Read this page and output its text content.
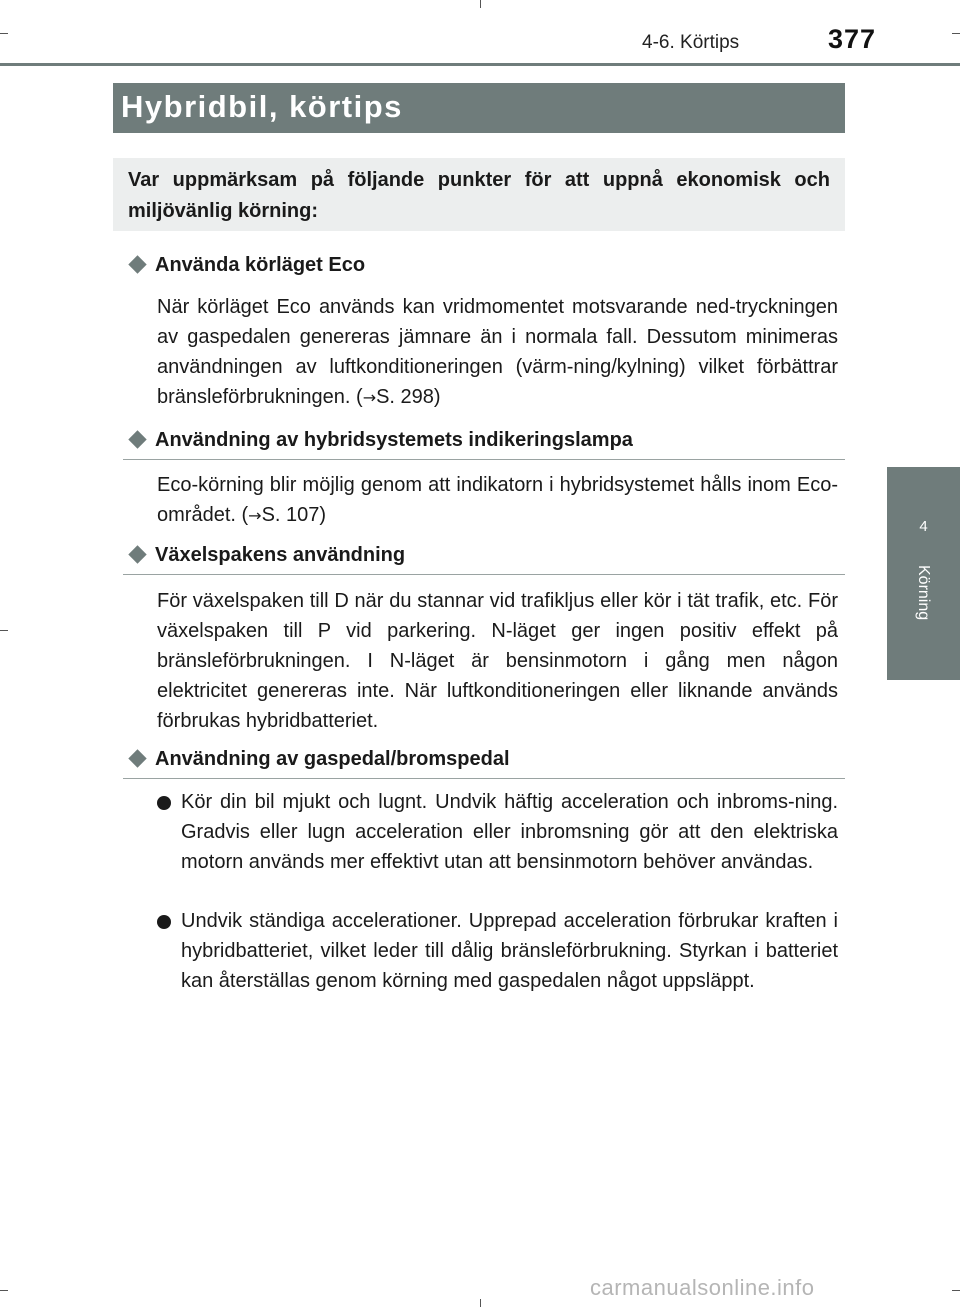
4-6. Körtips	377
4
Körning
Hybridbil, körtips
Var uppmärksam på följande punkter för att uppnå ekonomisk och miljövänlig körning:
Använda körläget Eco
När körläget Eco används kan vridmomentet motsvarande ned-tryckningen av gaspedalen genereras jämnare än i normala fall. Dessutom minimeras användningen av luftkonditioneringen (värm-ning/kylning) vilket förbättrar bränsleförbrukningen. (→S. 298)
Användning av hybridsystemets indikeringslampa
Eco-körning blir möjlig genom att indikatorn i hybridsystemet hålls inom Eco-området. (→S. 107)
Växelspakens användning
För växelspaken till D när du stannar vid trafikljus eller kör i tät trafik, etc. För växelspaken till P vid parkering. N-läget ger ingen positiv effekt på bränsleförbrukningen. I N-läget är bensinmotorn i gång men någon elektricitet genereras inte. När luftkonditioneringen eller liknande används förbrukas hybridbatteriet.
Användning av gaspedal/bromspedal
Kör din bil mjukt och lugnt. Undvik häftig acceleration och inbroms-ning. Gradvis eller lugn acceleration eller inbromsning gör att den elektriska motorn används mer effektivt utan att bensinmotorn behöver användas.
Undvik ständiga accelerationer. Upprepad acceleration förbrukar kraften i hybridbatteriet, vilket leder till dålig bränsleförbrukning. Styrkan i batteriet kan återställas genom körning med gaspedalen något uppsläppt.
carmanualsonline.info
